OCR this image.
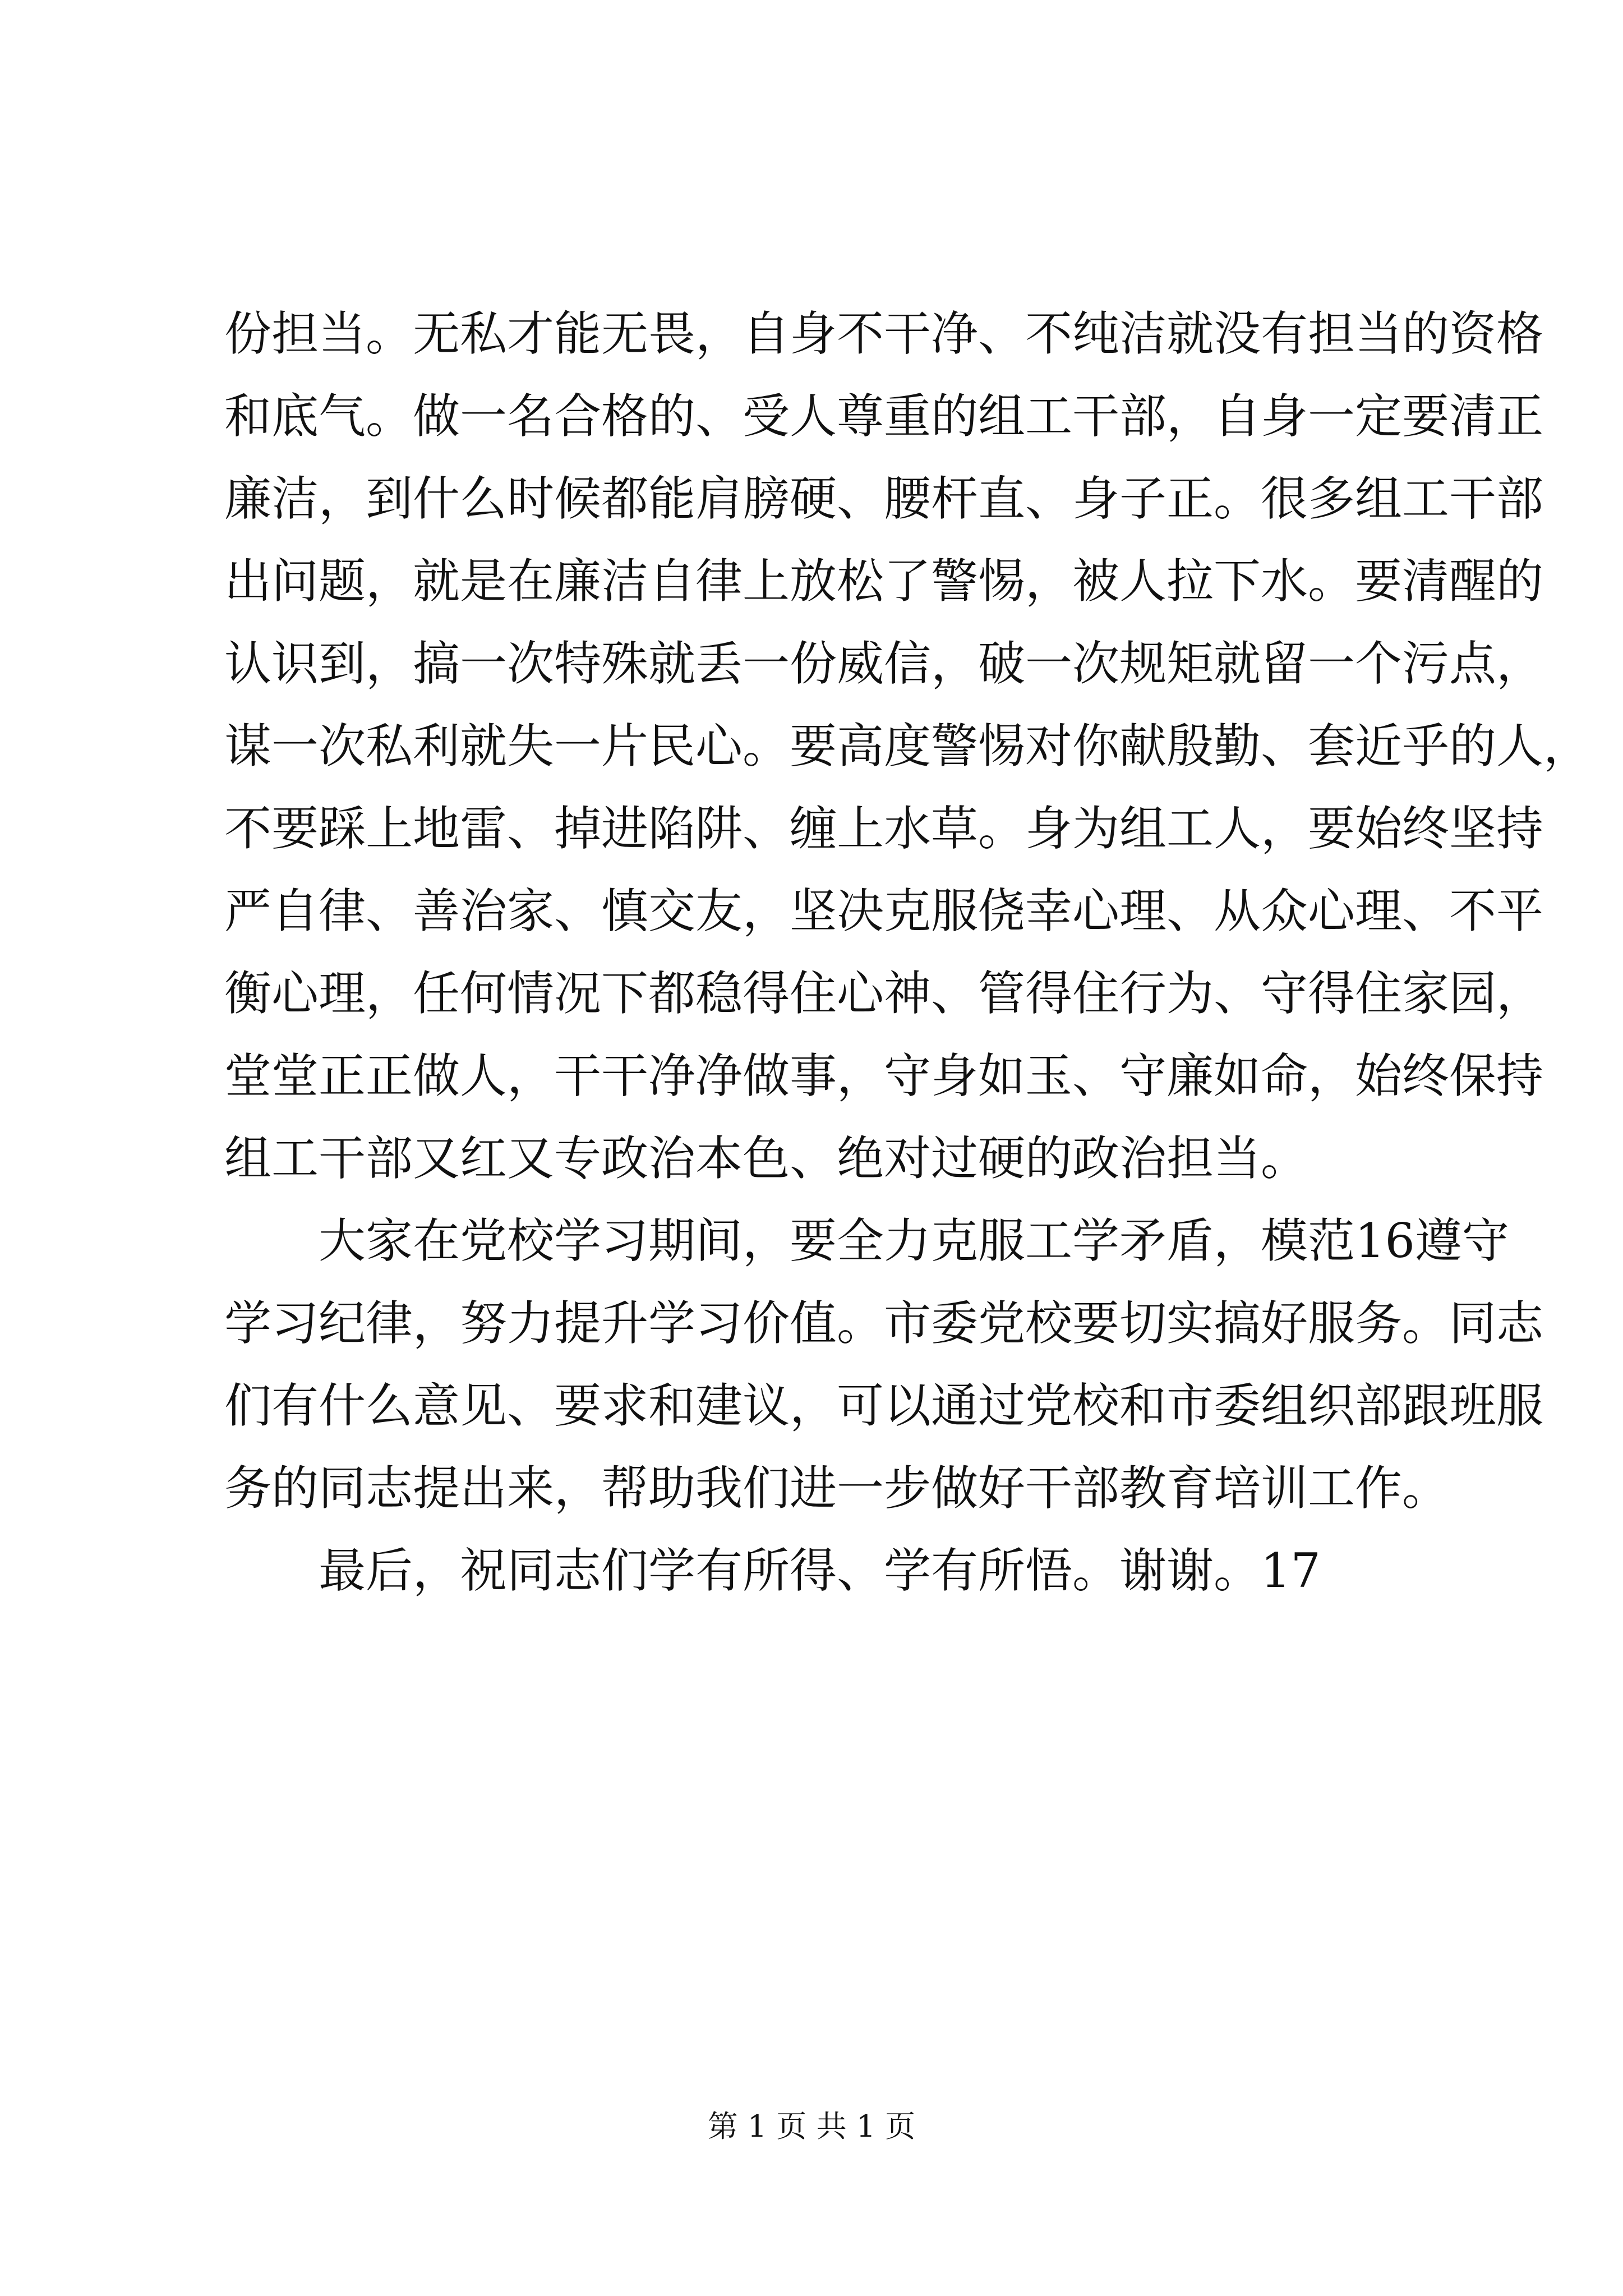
份担当。无私才能无畏，自身不干净、不纯洁就没有担当的资格
和底气。做一名合格的、受人尊重的组工干部，自身一定要清正
廉洁，到什么时候都能肩膀硬、腰杆直、身子正。很多组工干部
出问题，就是在廉洁自律上放松了警惕，被人拉下水。要清醒的
认识到，搞一次特殊就丢一份威信，破一次规矩就留一个污点，
谋一次私利就失一片民心。要高度警惕对你献殷勤、套近乎的人，
不要踩上地雷、掉进陷阱、缠上水草。身为组工人，要始终坚持
严自律、善治家、慎交友，坚决克服侥幸心理、从众心理、不平
衡心理，任何情况下都稳得住心神、管得住行为、守得住家园，
堂堂正正做人，干干净净做事，守身如玉、守廉如命，始终保持
组工干部又红又专政治本色、绝对过硬的政治担当。
大家在党校学习期间，要全力克服工学矛盾，模范16遵守
学习纪律，努力提升学习价值。市委党校要切实搞好服务。同志
们有什么意见、要求和建议，可以通过党校和市委组织部跟班服
务的同志提出来，帮助我们进一步做好干部教育培训工作。
最后，祝同志们学有所得、学有所悟。谢谢。17
第 1 页 共 1 页
